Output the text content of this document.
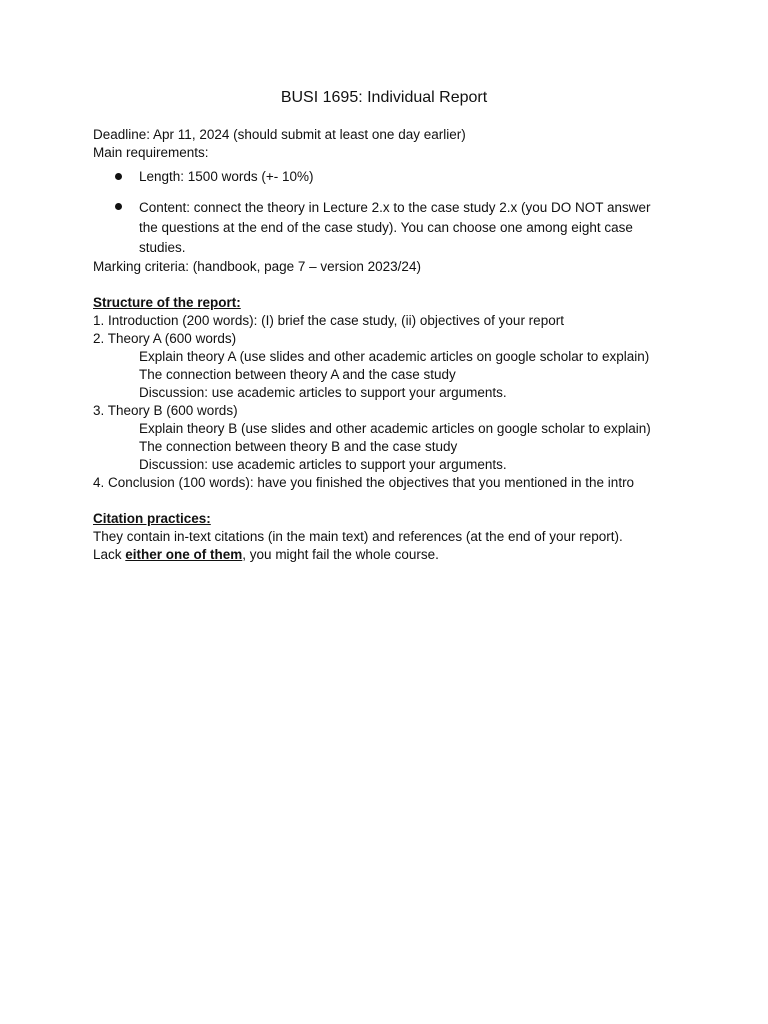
BUSI 1695: Individual Report
Deadline: Apr 11, 2024 (should submit at least one day earlier)
Main requirements:
Length: 1500 words (+- 10%)
Content: connect the theory in Lecture 2.x to the case study 2.x (you DO NOT answer
the questions at the end of the case study). You can choose one among eight case
studies.
Marking criteria: (handbook, page 7 – version 2023/24)
Structure of the report:
1. Introduction (200 words): (I) brief the case study, (ii) objectives of your report
2. Theory A (600 words)
Explain theory A (use slides and other academic articles on google scholar to explain)
The connection between theory A and the case study
Discussion: use academic articles to support your arguments.
3. Theory B (600 words)
Explain theory B (use slides and other academic articles on google scholar to explain)
The connection between theory B and the case study
Discussion: use academic articles to support your arguments.
4. Conclusion (100 words): have you finished the objectives that you mentioned in the intro
Citation practices:
They contain in-text citations (in the main text) and references (at the end of your report).
Lack either one of them, you might fail the whole course.
